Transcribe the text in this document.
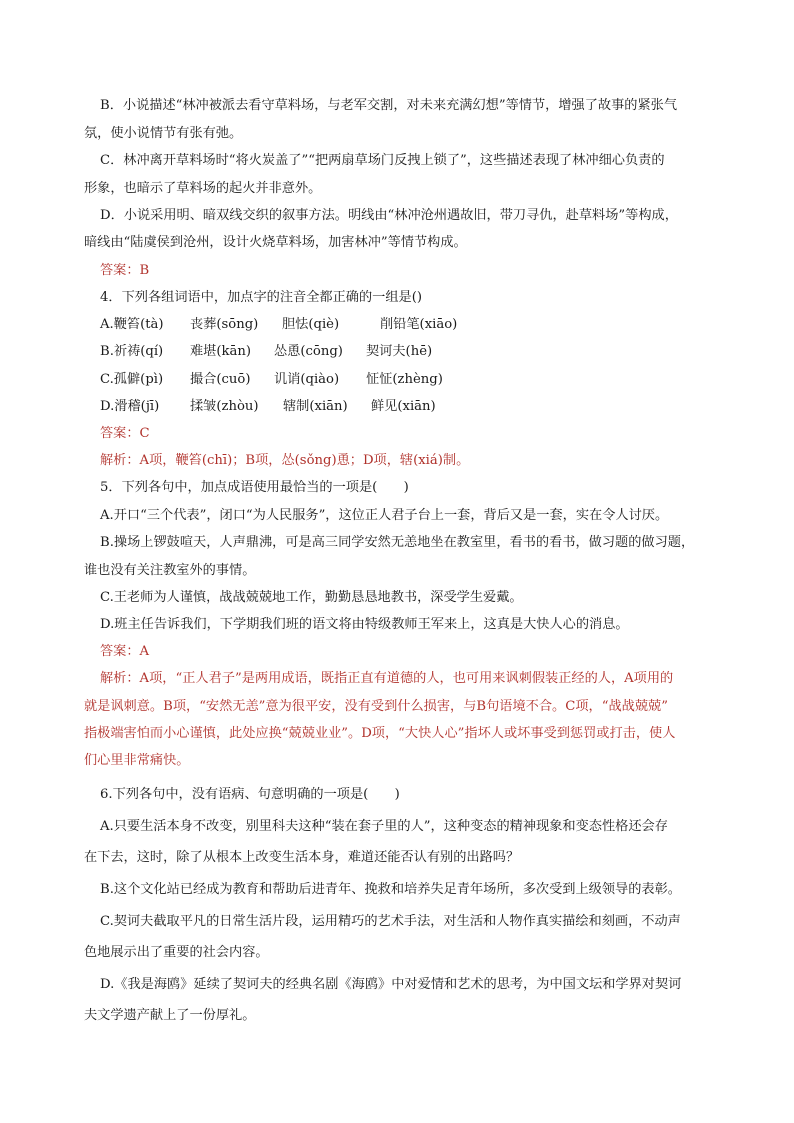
B．小说描述“林冲被派去看守草料场，与老军交割，对未来充满幻想”等情节，增强了故事的紧张气
氛，使小说情节有张有弛。
C．林冲离开草料场时“将火炭盖了”“把两扇草场门反拽上锁了”，这些描述表现了林冲细心负责的
形象，也暗示了草料场的起火并非意外。
D．小说采用明、暗双线交织的叙事方法。明线由“林冲沧州遇故旧，带刀寻仇，赴草料场”等构成，
暗线由“陆虞侯到沧州，设计火烧草料场，加害林冲”等情节构成。
答案：B
4．下列各组词语中，加点字的注音全都正确的一组是()
A.鞭笞(tà) 丧葬(sōng) 胆怯(qiè)	削铅笔(xiāo)
B.祈祷(qí) 难堪(kān) 怂恿(cōng) 契诃夫(hē)
C.孤僻(pì) 撮合(cuō) 讥诮(qiào) 怔怔(zhèng)
D.滑稽(jī) 揉皱(zhòu) 辖制(xiān) 鲜见(xiān)
答案：C
解析：A项，鞭笞(chī)；B项，怂(sǒng)恿；D项，辖(xiá)制。
5．下列各句中，加点成语使用最恰当的一项是(　　)
A.开口“三个代表”，闭口“为人民服务”，这位正人君子台上一套，背后又是一套，实在令人讨厌。
B.操场上锣鼓喧天，人声鼎沸，可是高三同学安然无恙地坐在教室里，看书的看书，做习题的做习题，
谁也没有关注教室外的事情。
C.王老师为人谨慎，战战兢兢地工作，勤勤恳恳地教书，深受学生爱戴。
D.班主任告诉我们，下学期我们班的语文将由特级教师王军来上，这真是大快人心的消息。
答案：A
解析：A项，“正人君子”是两用成语，既指正直有道德的人，也可用来讽刺假装正经的人，A项用的
就是讽刺意。B项，“安然无恙”意为很平安，没有受到什么损害，与B句语境不合。C项，“战战兢兢”
指极端害怕而小心谨慎，此处应换“兢兢业业”。D项，“大快人心”指坏人或坏事受到惩罚或打击，使人
们心里非常痛快。
6.下列各句中，没有语病、句意明确的一项是(　　)
A.只要生活本身不改变，别里科夫这种“装在套子里的人”，这种变态的精神现象和变态性格还会存
在下去，这时，除了从根本上改变生活本身，难道还能否认有别的出路吗？
B.这个文化站已经成为教育和帮助后进青年、挽救和培养失足青年场所，多次受到上级领导的表彰。
C.契诃夫截取平凡的日常生活片段，运用精巧的艺术手法，对生活和人物作真实描绘和刻画，不动声
色地展示出了重要的社会内容。
D.《我是海鸥》延续了契诃夫的经典名剧《海鸥》中对爱情和艺术的思考，为中国文坛和学界对契诃
夫文学遗产献上了一份厚礼。
